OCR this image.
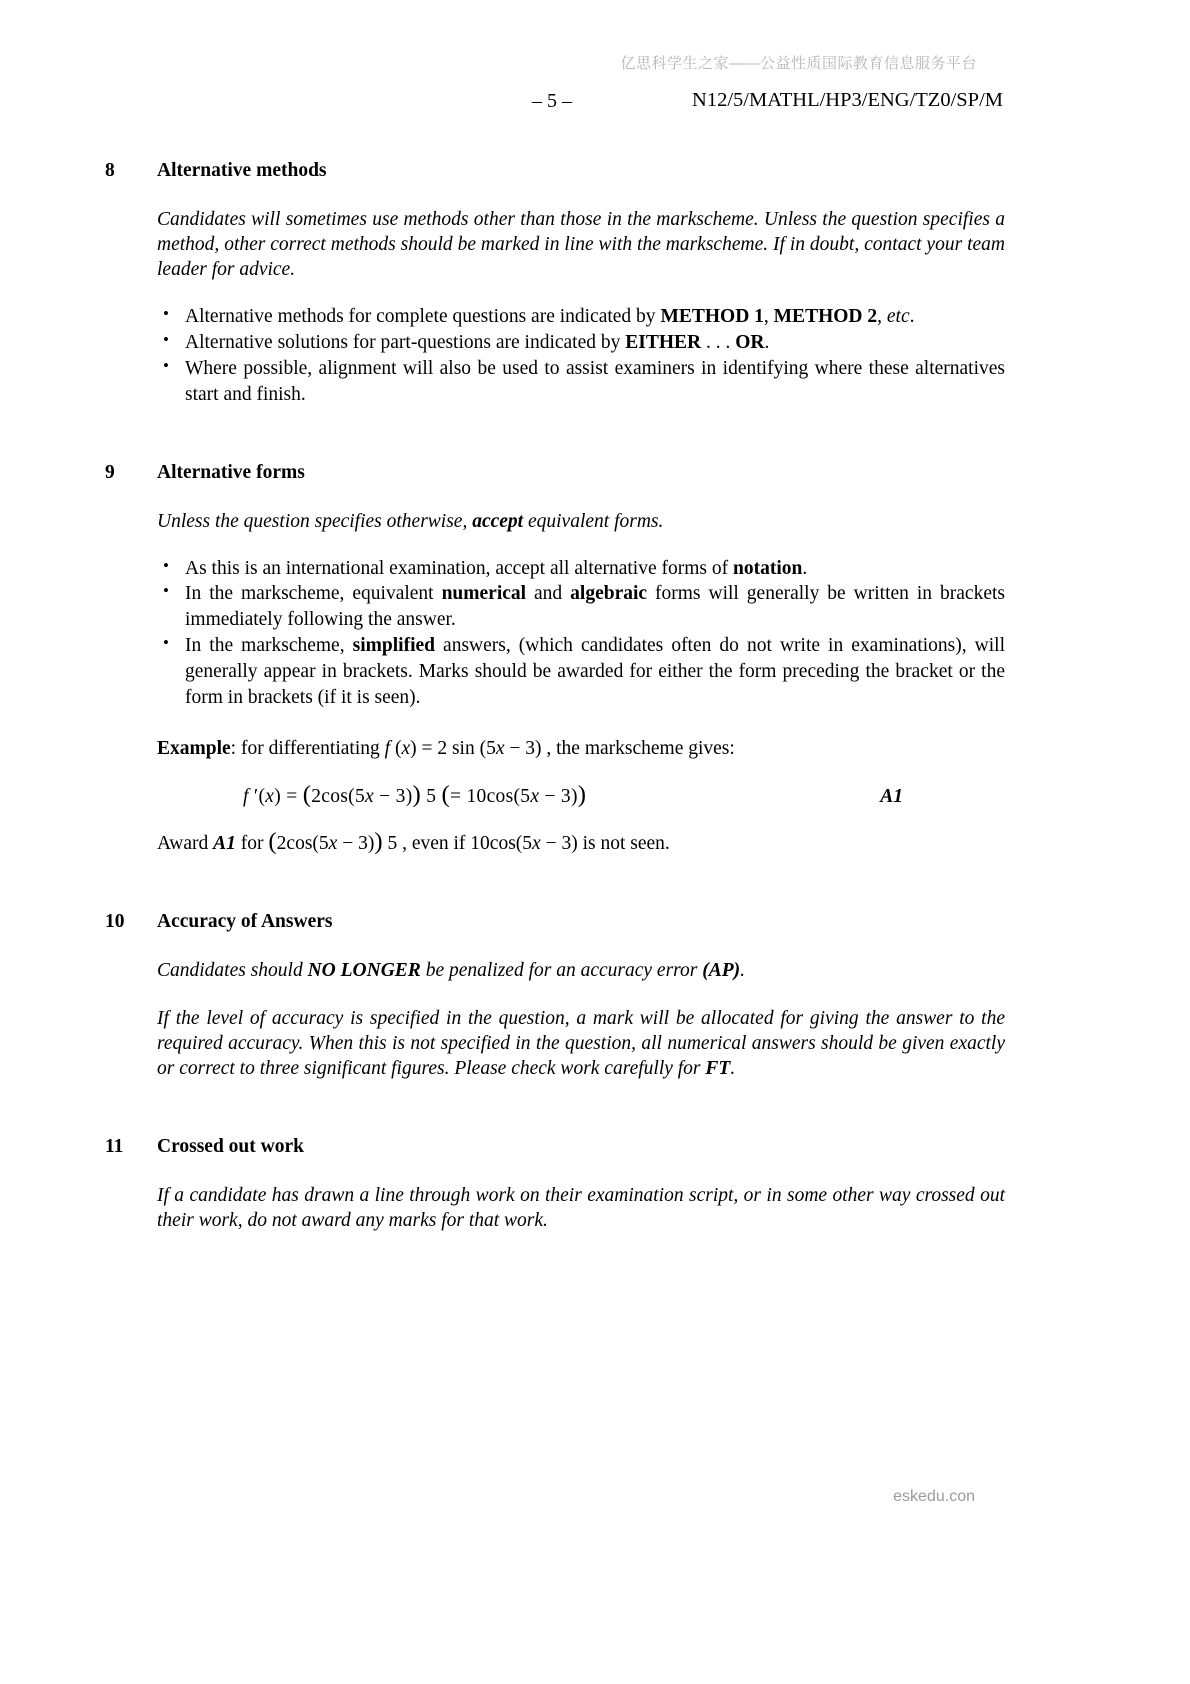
亿思科学生之家——公益性质国际教育信息服务平台
– 5 –	N12/5/MATHL/HP3/ENG/TZ0/SP/M
8	Alternative methods
Candidates will sometimes use methods other than those in the markscheme. Unless the question specifies a method, other correct methods should be marked in line with the markscheme. If in doubt, contact your team leader for advice.
• Alternative methods for complete questions are indicated by METHOD 1, METHOD 2, etc.
• Alternative solutions for part-questions are indicated by EITHER . . . OR.
• Where possible, alignment will also be used to assist examiners in identifying where these alternatives start and finish.
9	Alternative forms
Unless the question specifies otherwise, accept equivalent forms.
• As this is an international examination, accept all alternative forms of notation.
• In the markscheme, equivalent numerical and algebraic forms will generally be written in brackets immediately following the answer.
• In the markscheme, simplified answers, (which candidates often do not write in examinations), will generally appear in brackets. Marks should be awarded for either the form preceding the bracket or the form in brackets (if it is seen).
Example: for differentiating f (x) = 2 sin (5x − 3) , the markscheme gives:
f ′(x) = (2cos(5x − 3)) 5 (= 10cos(5x − 3))	A1
Award A1 for (2cos(5x − 3)) 5 , even if 10cos(5x − 3) is not seen.
10	Accuracy of Answers
Candidates should NO LONGER be penalized for an accuracy error (AP).
If the level of accuracy is specified in the question, a mark will be allocated for giving the answer to the required accuracy. When this is not specified in the question, all numerical answers should be given exactly or correct to three significant figures. Please check work carefully for FT.
11	Crossed out work
If a candidate has drawn a line through work on their examination script, or in some other way crossed out their work, do not award any marks for that work.
eskedu.con
